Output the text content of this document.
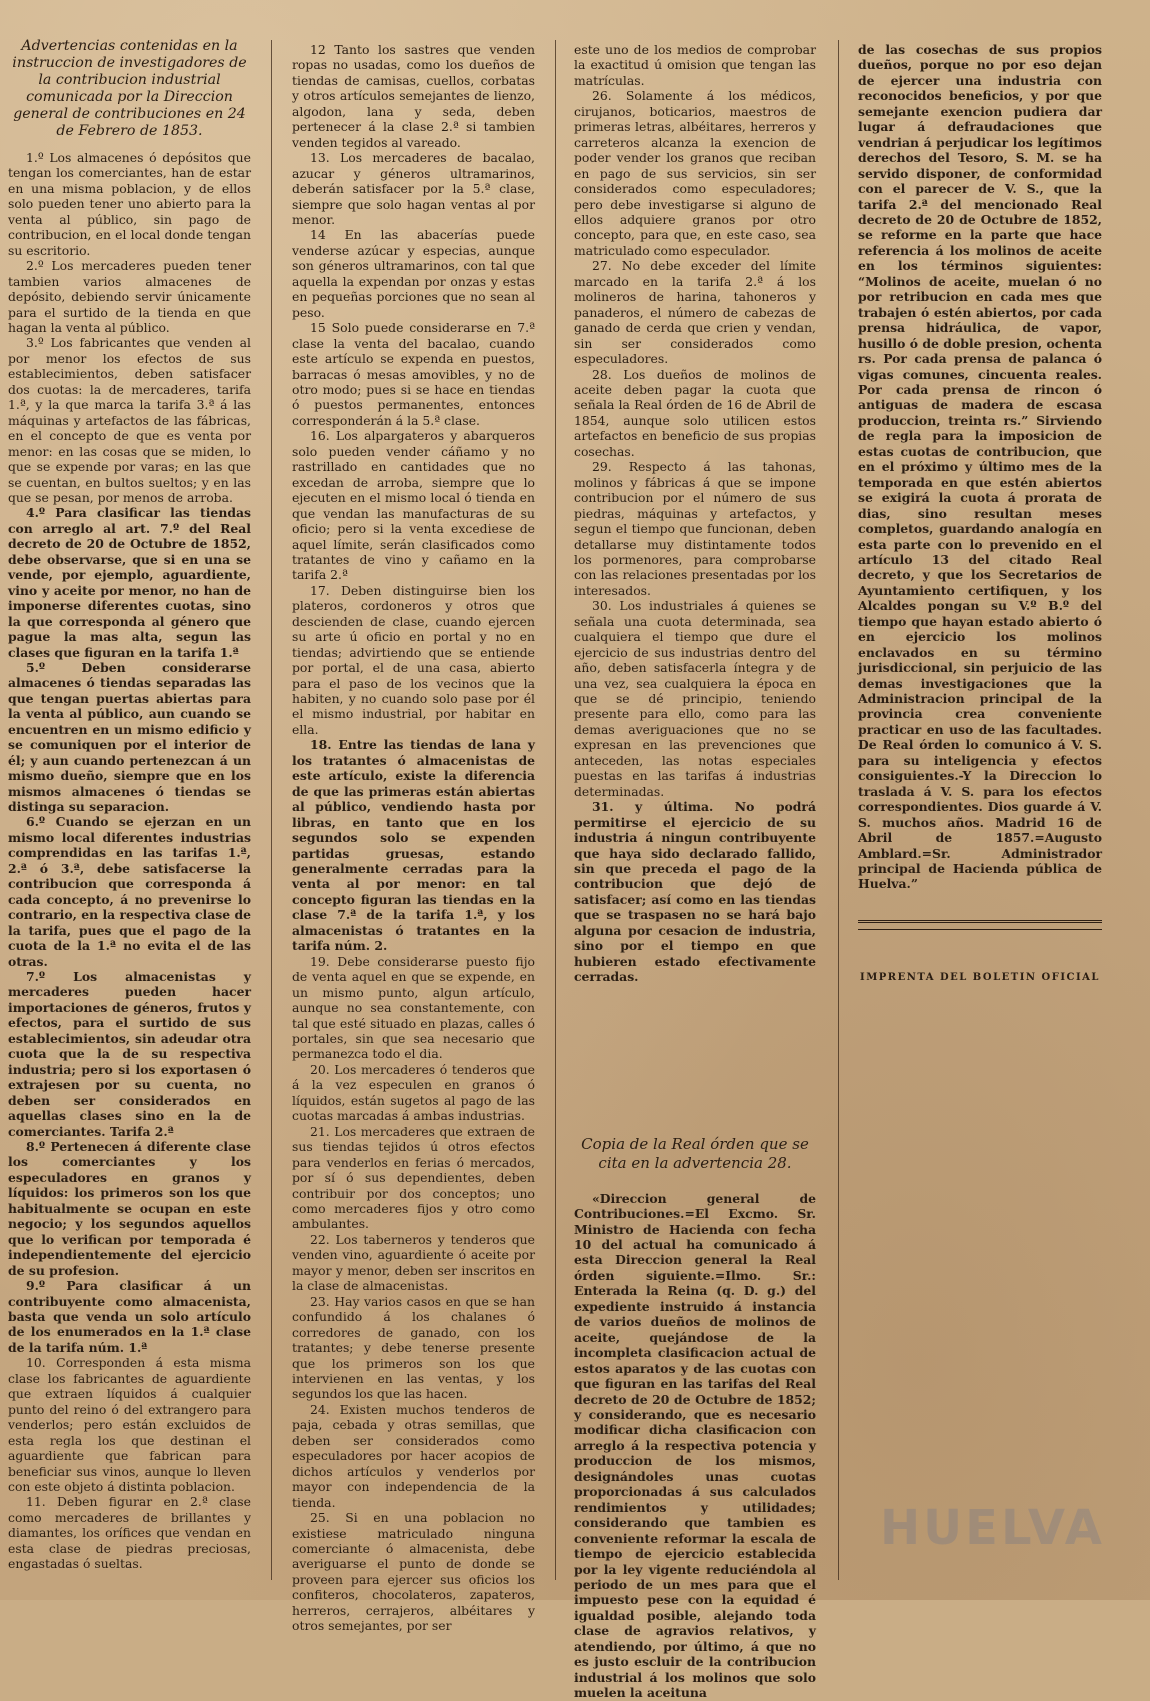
Advertencias contenidas en la instruccion de investigadores de la contribucion industrial comunicada por la Direccion general de contribuciones en 24 de Febrero de 1853.

1.º Los almacenes ó depósitos que tengan los comerciantes, han de estar en una misma poblacion, y de ellos solo pueden tener uno abierto para la venta al público, sin pago de contribucion, en el local donde tengan su escritorio.

2.º Los mercaderes pueden tener tambien varios almacenes de depósito, debiendo servir únicamente para el surtido de la tienda en que hagan la venta al público.

3.º Los fabricantes que venden al por menor los efectos de sus establecimientos, deben satisfacer dos cuotas: la de mercaderes, tarifa 1.ª, y la que marca la tarifa 3.ª á las máquinas y artefactos de las fábricas, en el concepto de que es venta por menor: en las cosas que se miden, lo que se expende por varas; en las que se cuentan, en bultos sueltos; y en las que se pesan, por menos de arroba.

4.º Para clasificar las tiendas con arreglo al art. 7.º del Real decreto de 20 de Octubre de 1852, debe observarse, que si en una se vende, por ejemplo, aguardiente, vino y aceite por menor, no han de imponerse diferentes cuotas, sino la que corresponda al género que pague la mas alta, segun las clases que figuran en la tarifa 1.ª

5.º Deben considerarse almacenes ó tiendas separadas las que tengan puertas abiertas para la venta al público, aun cuando se encuentren en un mismo edificio y se comuniquen por el interior de él; y aun cuando pertenezcan á un mismo dueño, siempre que en los mismos almacenes ó tiendas se distinga su separacion.

6.º Cuando se ejerzan en un mismo local diferentes industrias comprendidas en las tarifas 1.ª, 2.ª ó 3.ª, debe satisfacerse la contribucion que corresponda á cada concepto, á no prevenirse lo contrario, en la respectiva clase de la tarifa, pues que el pago de la cuota de la 1.ª no evita el de las otras.

7.º Los almacenistas y mercaderes pueden hacer importaciones de géneros, frutos y efectos, para el surtido de sus establecimientos, sin adeudar otra cuota que la de su respectiva industria; pero si los exportasen ó extrajesen por su cuenta, no deben ser considerados en aquellas clases sino en la de comerciantes. Tarifa 2.ª

8.º Pertenecen á diferente clase los comerciantes y los especuladores en granos y líquidos: los primeros son los que habitualmente se ocupan en este negocio; y los segundos aquellos que lo verifican por temporada é independientemente del ejercicio de su profesion.

9.º Para clasificar á un contribuyente como almacenista, basta que venda un solo artículo de los enumerados en la 1.ª clase de la tarifa núm. 1.ª

10. Corresponden á esta misma clase los fabricantes de aguardiente que extraen líquidos á cualquier punto del reino ó del extrangero para venderlos; pero están excluidos de esta regla los que destinan el aguardiente que fabrican para beneficiar sus vinos, aunque lo lleven con este objeto á distinta poblacion.

11. Deben figurar en 2.ª clase como mercaderes de brillantes y diamantes, los orífices que vendan en esta clase de piedras preciosas, engastadas ó sueltas.

12 Tanto los sastres que venden ropas no usadas, como los dueños de tiendas de camisas, cuellos, corbatas y otros artículos semejantes de lienzo, algodon, lana y seda, deben pertenecer á la clase 2.ª si tambien venden tegidos al vareado.

13. Los mercaderes de bacalao, azucar y géneros ultramarinos, deberán satisfacer por la 5.ª clase, siempre que solo hagan ventas al por menor.

14 En las abacerías puede venderse azúcar y especias, aunque son géneros ultramarinos, con tal que aquella la expendan por onzas y estas en pequeñas porciones que no sean al peso.

15 Solo puede considerarse en 7.ª clase la venta del bacalao, cuando este artículo se expenda en puestos, barracas ó mesas amovibles, y no de otro modo; pues si se hace en tiendas ó puestos permanentes, entonces corresponderán á la 5.ª clase.

16. Los alpargateros y abarqueros solo pueden vender cáñamo y no rastrillado en cantidades que no excedan de arroba, siempre que lo ejecuten en el mismo local ó tienda en que vendan las manufacturas de su oficio; pero si la venta excediese de aquel límite, serán clasificados como tratantes de vino y cañamo en la tarifa 2.ª

17. Deben distinguirse bien los plateros, cordoneros y otros que descienden de clase, cuando ejercen su arte ú oficio en portal y no en tiendas; advirtiendo que se entiende por portal, el de una casa, abierto para el paso de los vecinos que la habiten, y no cuando solo pase por él el mismo industrial, por habitar en ella.

18. Entre las tiendas de lana y los tratantes ó almacenistas de este artículo, existe la diferencia de que las primeras están abiertas al público, vendiendo hasta por libras, en tanto que en los segundos solo se expenden partidas gruesas, estando generalmente cerradas para la venta al por menor: en tal concepto figuran las tiendas en la clase 7.ª de la tarifa 1.ª, y los almacenistas ó tratantes en la tarifa núm. 2.

19. Debe considerarse puesto fijo de venta aquel en que se expende, en un mismo punto, algun artículo, aunque no sea constantemente, con tal que esté situado en plazas, calles ó portales, sin que sea necesario que permanezca todo el dia.

20. Los mercaderes ó tenderos que á la vez especulen en granos ó líquidos, están sugetos al pago de las cuotas marcadas á ambas industrias.

21. Los mercaderes que extraen de sus tiendas tejidos ú otros efectos para venderlos en ferias ó mercados, por sí ó sus dependientes, deben contribuir por dos conceptos; uno como mercaderes fijos y otro como ambulantes.

22. Los taberneros y tenderos que venden vino, aguardiente ó aceite por mayor y menor, deben ser inscritos en la clase de almacenistas.

23. Hay varios casos en que se han confundido á los chalanes ó corredores de ganado, con los tratantes; y debe tenerse presente que los primeros son los que intervienen en las ventas, y los segundos los que las hacen.

24. Existen muchos tenderos de paja, cebada y otras semillas, que deben ser considerados como especuladores por hacer acopios de dichos artículos y venderlos por mayor con independencia de la tienda.

25. Si en una poblacion no existiese matriculado ninguna comerciante ó almacenista, debe averiguarse el punto de donde se proveen para ejercer sus oficios los confiteros, chocolateros, zapateros, herreros, cerrajeros, albéitares y otros semejantes, por ser

este uno de los medios de comprobar la exactitud ú omision que tengan las matrículas.

26. Solamente á los médicos, cirujanos, boticarios, maestros de primeras letras, albéitares, herreros y carreteros alcanza la exencion de poder vender los granos que reciban en pago de sus servicios, sin ser considerados como especuladores; pero debe investigarse si alguno de ellos adquiere granos por otro concepto, para que, en este caso, sea matriculado como especulador.

27. No debe exceder del límite marcado en la tarifa 2.ª á los molineros de harina, tahoneros y panaderos, el número de cabezas de ganado de cerda que crien y vendan, sin ser considerados como especuladores.

28. Los dueños de molinos de aceite deben pagar la cuota que señala la Real órden de 16 de Abril de 1854, aunque solo utilicen estos artefactos en beneficio de sus propias cosechas.

29. Respecto á las tahonas, molinos y fábricas á que se impone contribucion por el número de sus piedras, máquinas y artefactos, y segun el tiempo que funcionan, deben detallarse muy distintamente todos los pormenores, para comprobarse con las relaciones presentadas por los interesados.

30. Los industriales á quienes se señala una cuota determinada, sea cualquiera el tiempo que dure el ejercicio de sus industrias dentro del año, deben satisfacerla íntegra y de una vez, sea cualquiera la época en que se dé principio, teniendo presente para ello, como para las demas averiguaciones que no se expresan en las prevenciones que anteceden, las notas especiales puestas en las tarifas á industrias determinadas.

31. y última. No podrá permitirse el ejercicio de su industria á ningun contribuyente que haya sido declarado fallido, sin que preceda el pago de la contribucion que dejó de satisfacer; así como en las tiendas que se traspasen no se hará bajo alguna por cesacion de industria, sino por el tiempo en que hubieren estado efectivamente cerradas.

Copia de la Real órden que se cita en la advertencia 28.

«Direccion general de Contribuciones.=El Excmo. Sr. Ministro de Hacienda con fecha 10 del actual ha comunicado á esta Direccion general la Real órden siguiente.=Ilmo. Sr.: Enterada la Reina (q. D. g.) del expediente instruido á instancia de varios dueños de molinos de aceite, quejándose de la incompleta clasificacion actual de estos aparatos y de las cuotas con que figuran en las tarifas del Real decreto de 20 de Octubre de 1852; y considerando, que es necesario modificar dicha clasificacion con arreglo á la respectiva potencia y produccion de los mismos, designándoles unas cuotas proporcionadas á sus calculados rendimientos y utilidades; considerando que tambien es conveniente reformar la escala de tiempo de ejercicio establecida por la ley vigente reduciéndola al periodo de un mes para que el impuesto pese con la equidad é igualdad posible, alejando toda clase de agravios relativos, y atendiendo, por último, á que no es justo escluir de la contribucion industrial á los molinos que solo muelen la aceituna

de las cosechas de sus propios dueños, porque no por eso dejan de ejercer una industria con reconocidos beneficios, y por que semejante exencion pudiera dar lugar á defraudaciones que vendrian á perjudicar los legítimos derechos del Tesoro, S. M. se ha servido disponer, de conformidad con el parecer de V. S., que la tarifa 2.ª del mencionado Real decreto de 20 de Octubre de 1852, se reforme en la parte que hace referencia á los molinos de aceite en los términos siguientes: “Molinos de aceite, muelan ó no por retribucion en cada mes que trabajen ó estén abiertos, por cada prensa hidráulica, de vapor, husillo ó de doble presion, ochenta rs. Por cada prensa de palanca ó vigas comunes, cincuenta reales. Por cada prensa de rincon ó antiguas de madera de escasa produccion, treinta rs.” Sirviendo de regla para la imposicion de estas cuotas de contribucion, que en el próximo y último mes de la temporada en que estén abiertos se exigirá la cuota á prorata de dias, sino resultan meses completos, guardando analogía en esta parte con lo prevenido en el artículo 13 del citado Real decreto, y que los Secretarios de Ayuntamiento certifiquen, y los Alcaldes pongan su V.º B.º del tiempo que hayan estado abierto ó en ejercicio los molinos enclavados en su término jurisdiccional, sin perjuicio de las demas investigaciones que la Administracion principal de la provincia crea conveniente practicar en uso de las facultades. De Real órden lo comunico á V. S. para su inteligencia y efectos consiguientes.-Y la Direccion lo traslada á V. S. para los efectos correspondientes. Dios guarde á V. S. muchos años. Madrid 16 de Abril de 1857.=Augusto Amblard.=Sr. Administrador principal de Hacienda pública de Huelva.”

IMPRENTA DEL BOLETIN OFICIAL

HUELVA
